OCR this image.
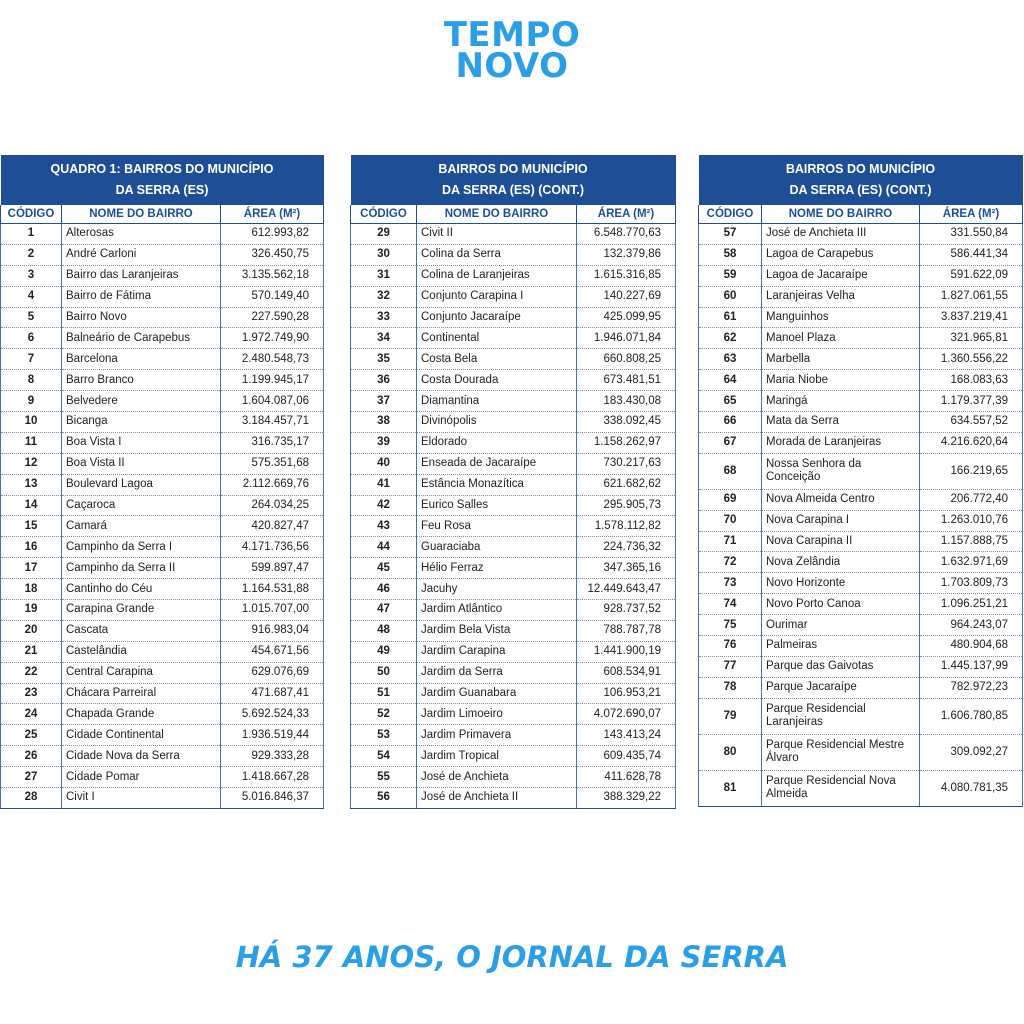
TEMPO
NOVO
QUADRO 1: BAIRROS DO MUNICÍPIO
DA SERRA (ES)		

CÓDIGO	NOME DO BAIRRO	ÁREA (M²)
1	Alterosas	612.993,82
2	André Carloni	326.450,75
3	Bairro das Laranjeiras	3.135.562,18
4	Bairro de Fátima	570.149,40
5	Bairro Novo	227.590,28
6	Balneário de Carapebus	1.972.749,90
7	Barcelona	2.480.548,73
8	Barro Branco	1.199.945,17
9	Belvedere	1.604.087,06
10	Bicanga	3.184.457,71
11	Boa Vista I	316.735,17
12	Boa Vista II	575.351,68
13	Boulevard Lagoa	2.112.669,76
14	Caçaroca	264.034,25
15	Camará	420.827,47
16	Campinho da Serra I	4.171.736,56
17	Campinho da Serra II	599.897,47
18	Cantinho do Céu	1.164.531,88
19	Carapina Grande	1.015.707,00
20	Cascata	916.983,04
21	Castelândia	454.671,56
22	Central Carapina	629.076,69
23	Chácara Parreiral	471.687,41
24	Chapada Grande	5.692.524,33
25	Cidade Continental	1.936.519,44
26	Cidade Nova da Serra	929.333,28
27	Cidade Pomar	1.418.667,28
28	Civit I	5.016.846,37
BAIRROS DO MUNICÍPIO
DA SERRA (ES) (CONT.)		

CÓDIGO	NOME DO BAIRRO	ÁREA (M²)
29	Civit II	6.548.770,63
30	Colina da Serra	132.379,86
31	Colina de Laranjeiras	1.615.316,85
32	Conjunto Carapina I	140.227,69
33	Conjunto Jacaraípe	425.099,95
34	Continental	1.946.071,84
35	Costa Bela	660.808,25
36	Costa Dourada	673.481,51
37	Diamantina	183.430,08
38	Divinópolis	338.092,45
39	Eldorado	1.158.262,97
40	Enseada de Jacaraípe	730.217,63
41	Estância Monazítica	621.682,62
42	Eurico Salles	295.905,73
43	Feu Rosa	1.578.112,82
44	Guaraciaba	224.736,32
45	Hélio Ferraz	347.365,16
46	Jacuhy	12.449.643,47
47	Jardim Atlântico	928.737,52
48	Jardim Bela Vista	788.787,78
49	Jardim Carapina	1.441.900,19
50	Jardim da Serra	608.534,91
51	Jardim Guanabara	106.953,21
52	Jardim Limoeiro	4.072.690,07
53	Jardim Primavera	143.413,24
54	Jardim Tropical	609.435,74
55	José de Anchieta	411.628,78
56	José de Anchieta II	388.329,22
BAIRROS DO MUNICÍPIO
DA SERRA (ES) (CONT.)		

CÓDIGO	NOME DO BAIRRO	ÁREA (M²)
57	José de Anchieta III	331.550,84
58	Lagoa de Carapebus	586.441,34
59	Lagoa de Jacaraípe	591.622,09
60	Laranjeiras Velha	1.827.061,55
61	Manguinhos	3.837.219,41
62	Manoel Plaza	321.965,81
63	Marbella	1.360.556,22
64	Maria Niobe	168.083,63
65	Maringá	1.179.377,39
66	Mata da Serra	634.557,52
67	Morada de Laranjeiras	4.216.620,64
68	Nossa Senhora da Conceição	166.219,65
69	Nova Almeida Centro	206.772,40
70	Nova Carapina I	1.263.010,76
71	Nova Carapina II	1.157.888,75
72	Nova Zelândia	1.632.971,69
73	Novo Horizonte	1.703.809,73
74	Novo Porto Canoa	1.096.251,21
75	Ourimar	964.243,07
76	Palmeiras	480.904,68
77	Parque das Gaivotas	1.445.137,99
78	Parque Jacaraípe	782.972,23
79	Parque Residencial Laranjeiras	1.606.780,85
80	Parque Residencial Mestre Álvaro	309.092,27
81	Parque Residencial Nova Almeida	4.080.781,35
HÁ 37 ANOS, O JORNAL DA SERRA
